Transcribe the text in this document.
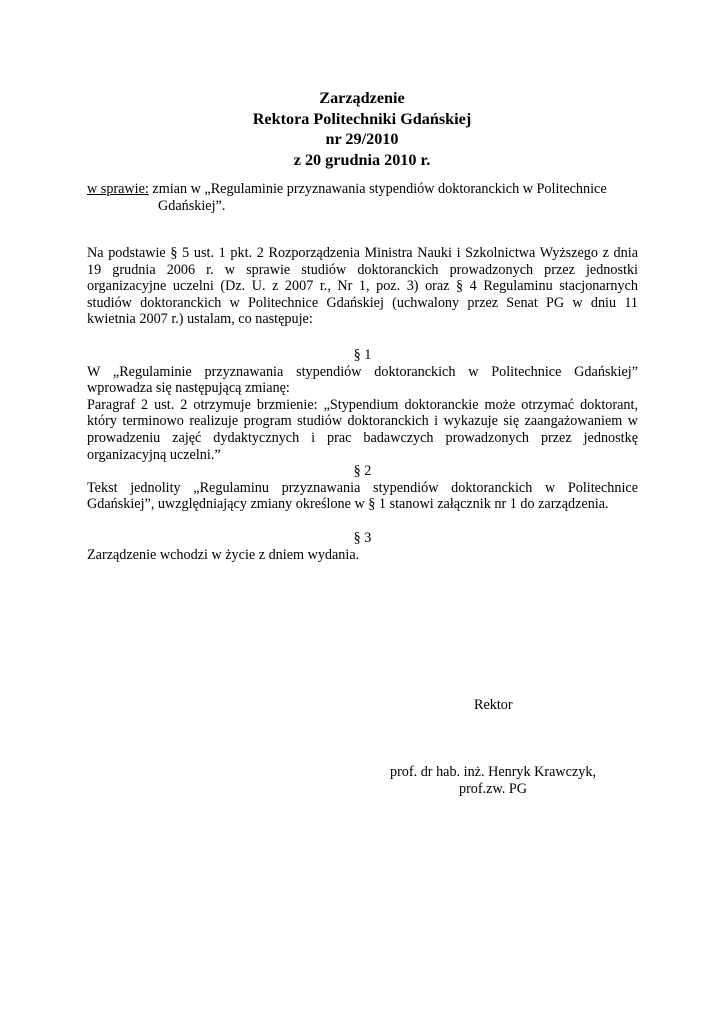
Zarządzenie
Rektora Politechniki Gdańskiej
nr 29/2010
z 20 grudnia 2010 r.
w sprawie: zmian w „Regulaminie przyznawania stypendiów doktoranckich w Politechnice
Gdańskiej”.
Na podstawie § 5 ust. 1 pkt. 2 Rozporządzenia Ministra Nauki i Szkolnictwa Wyższego z dnia 19 grudnia 2006 r. w sprawie studiów doktoranckich prowadzonych przez jednostki organizacyjne uczelni (Dz. U. z 2007 r., Nr 1, poz. 3) oraz § 4 Regulaminu stacjonarnych studiów doktoranckich w Politechnice Gdańskiej (uchwalony przez Senat PG w dniu 11 kwietnia 2007 r.) ustalam, co następuje:
§ 1
W „Regulaminie przyznawania stypendiów doktoranckich w Politechnice Gdańskiej” wprowadza się następującą zmianę:
Paragraf 2 ust. 2 otrzymuje brzmienie: „Stypendium doktoranckie może otrzymać doktorant, który terminowo realizuje program studiów doktoranckich i wykazuje się zaangażowaniem w prowadzeniu zajęć dydaktycznych i prac badawczych prowadzonych przez jednostkę organizacyjną uczelni.”
§ 2
Tekst jednolity „Regulaminu przyznawania stypendiów doktoranckich w Politechnice Gdańskiej”, uwzględniający zmiany określone w § 1 stanowi załącznik nr 1 do zarządzenia.
§ 3
Zarządzenie wchodzi w życie z dniem wydania.
Rektor
prof. dr hab. inż. Henryk Krawczyk,
prof.zw. PG
